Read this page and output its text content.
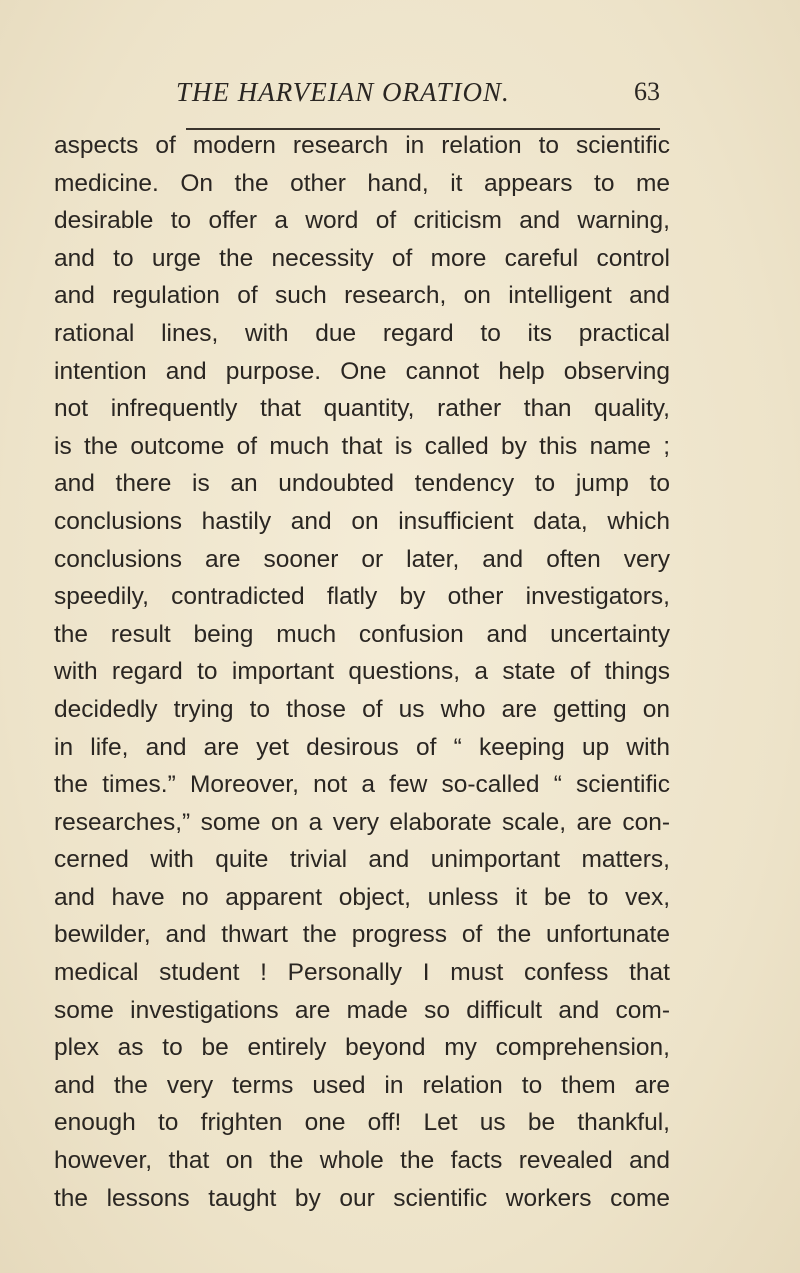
THE HARVEIAN ORATION.	63
aspects of modern research in relation to scientific
medicine. On the other hand, it appears to me
desirable to offer a word of criticism and warning,
and to urge the necessity of more careful control
and regulation of such research, on intelligent and
rational lines, with due regard to its practical
intention and purpose. One cannot help observing
not infrequently that quantity, rather than quality,
is the outcome of much that is called by this name ;
and there is an undoubted tendency to jump to
conclusions hastily and on insufficient data, which
conclusions are sooner or later, and often very
speedily, contradicted flatly by other investigators,
the result being much confusion and uncertainty
with regard to important questions, a state of things
decidedly trying to those of us who are getting on
in life, and are yet desirous of “ keeping up with
the times.” Moreover, not a few so-called “ scientific
researches,” some on a very elaborate scale, are con-
cerned with quite trivial and unimportant matters,
and have no apparent object, unless it be to vex,
bewilder, and thwart the progress of the unfortunate
medical student ! Personally I must confess that
some investigations are made so difficult and com-
plex as to be entirely beyond my comprehension,
and the very terms used in relation to them are
enough to frighten one off! Let us be thankful,
however, that on the whole the facts revealed and
the lessons taught by our scientific workers come
